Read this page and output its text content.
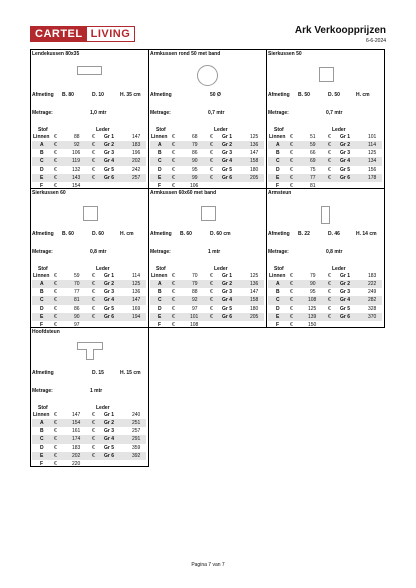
CARTEL LIVING	Ark Verkoopprijzen
6-6-2024
Lendekussen 80x35
Afmeting B. 80	D. 10	H. 35 cm
Metrage:	1,0 mtr
Stof	Leder
Linnen €	88 € Gr 1	147
A €	92 € Gr 2	183
B €	106 € Gr 3	196
C €	119 € Gr 4	202
D €	132 € Gr 5	242
E €	143 € Gr 6	257
F €	154
Armkussen rond 50 met band
Afmeting	50 Ø
Metrage:	0,7 mtr
Stof	Leder
Linnen €	68 € Gr 1	125
A €	79 € Gr 2	136
B €	86 € Gr 3	147
C €	90 € Gr 4	158
D €	95 € Gr 5	180
E €	99 € Gr 6	205
F €	106
Sierkussen 50
Afmeting B. 50	D. 50	H. cm
Metrage:	0,7 mtr
Stof	Leder
Linnen €	51 € Gr 1	101
A €	59 € Gr 2	114
B €	66 € Gr 3	125
C €	69 € Gr 4	134
D €	75 € Gr 5	156
E €	77 € Gr 6	178
F €	81
Sierkussen 60
Afmeting B. 60	D. 60	H. cm
Metrage:	0,8 mtr
Stof	Leder
Linnen €	59 € Gr 1	114
A €	70 € Gr 2	125
B €	77 € Gr 3	136
C €	81 € Gr 4	147
D €	86 € Gr 5	169
E €	90 € Gr 6	194
F €	97
Armkussen 60x60 met band
Afmeting B. 60	D. 60 cm
Metrage:	1 mtr
Stof	Leder
Linnen €	70 € Gr 1	125
A €	79 € Gr 2	136
B €	88 € Gr 3	147
C €	92 € Gr 4	158
D €	97 € Gr 5	180
E €	101 € Gr 6	205
F €	108
Armsteun
Afmeting B. 22	D. 46	H. 14 cm
Metrage:	0,8 mtr
Stof	Leder
Linnen €	79 € Gr 1	183
A €	90 € Gr 2	222
B €	95 € Gr 3	249
C €	108 € Gr 4	282
D €	125 € Gr 5	328
E €	139 € Gr 6	370
F €	150
Hoofdsteun
Afmeting	D. 15	H. 15 cm
Metrage:	1 mtr
Stof	Leder
Linnen €	147 € Gr 1	240
A €	154 € Gr 2	251
B €	161 € Gr 3	257
C €	174 € Gr 4	291
D €	183 € Gr 5	359
E €	202 € Gr 6	392
F €	220
Pagina 7 van 7
